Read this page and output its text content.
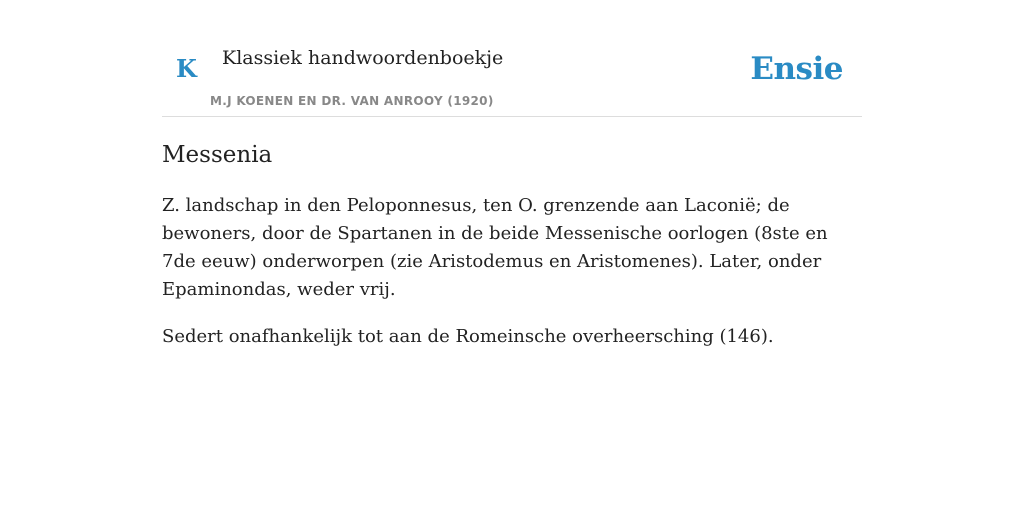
K Klassiek handwoordenboekje
M.J KOENEN EN DR. VAN ANROOY (1920)
Ensie
Messenia

Z. landschap in den Peloponnesus, ten O. grenzende aan Laconië; de bewoners, door de Spartanen in de beide Messenische oorlogen (8ste en 7de eeuw) onderworpen (zie Aristodemus en Aristomenes). Later, onder Epaminondas, weder vrij.

Sedert onafhankelijk tot aan de Romeinsche overheersching (146).
